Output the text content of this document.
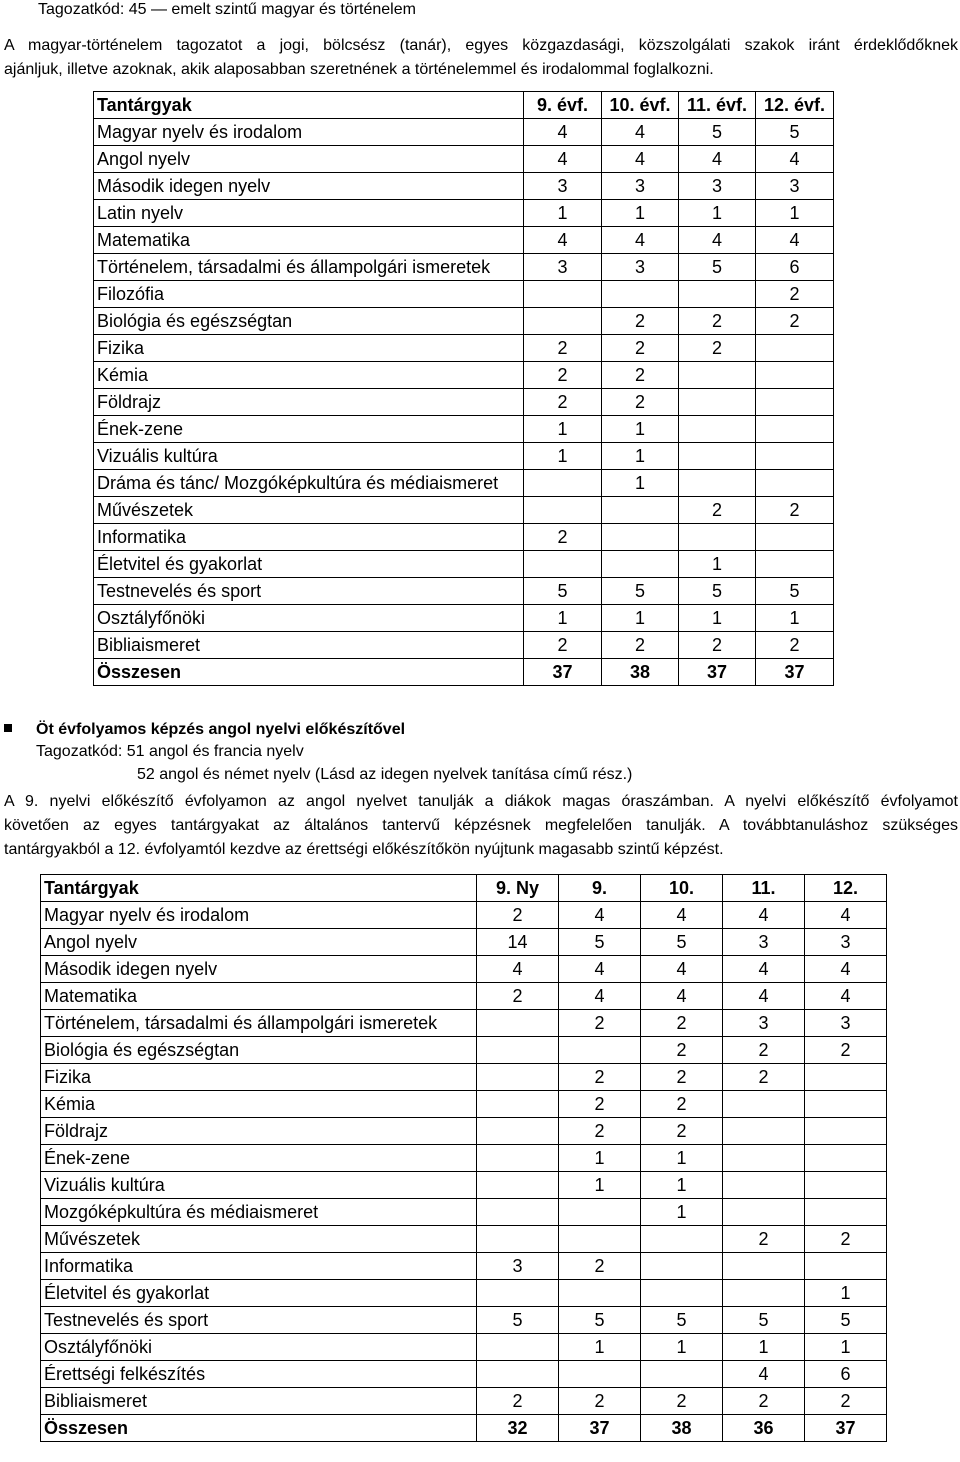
Tagozatkód: 45 — emelt szintű magyar és történelem
A magyar-történelem tagozatot a jogi, bölcsész (tanár), egyes közgazdasági, közszolgálati szakok iránt érdeklődőknek
ajánljuk, illetve azoknak, akik alaposabban szeretnének a történelemmel és irodalommal foglalkozni.
Tantárgyak	9. évf.	10. évf.	11. évf.	12. évf.
Magyar nyelv és irodalom	4	4	5	5
Angol nyelv	4	4	4	4
Második idegen nyelv	3	3	3	3
Latin nyelv	1	1	1	1
Matematika	4	4	4	4
Történelem, társadalmi és állampolgári ismeretek	3	3	5	6
Filozófia				2
Biológia és egészségtan		2	2	2
Fizika	2	2	2	
Kémia	2	2		
Földrajz	2	2		
Ének-zene	1	1		
Vizuális kultúra	1	1		
Dráma és tánc/ Mozgóképkultúra és médiaismeret		1		
Művészetek			2	2
Informatika	2			
Életvitel és gyakorlat			1	
Testnevelés és sport	5	5	5	5
Osztályfőnöki	1	1	1	1
Bibliaismeret	2	2	2	2
Összesen	37	38	37	37
Öt évfolyamos képzés angol nyelvi előkészítővel
Tagozatkód: 51 angol és francia nyelv
52 angol és német nyelv (Lásd az idegen nyelvek tanítása című rész.)
A 9. nyelvi előkészítő évfolyamon az angol nyelvet tanulják a diákok magas óraszámban. A nyelvi előkészítő évfolyamot
követően az egyes tantárgyakat az általános tantervű képzésnek megfelelően tanulják. A továbbtanuláshoz szükséges
tantárgyakból a 12. évfolyamtól kezdve az érettségi előkészítőkön nyújtunk magasabb szintű képzést.
Tantárgyak	9. Ny	9.	10.	11.	12.
Magyar nyelv és irodalom	2	4	4	4	4
Angol nyelv	14	5	5	3	3
Második idegen nyelv	4	4	4	4	4
Matematika	2	4	4	4	4
Történelem, társadalmi és állampolgári ismeretek		2	2	3	3
Biológia és egészségtan			2	2	2
Fizika		2	2	2	
Kémia		2	2		
Földrajz		2	2		
Ének-zene		1	1		
Vizuális kultúra		1	1		
Mozgóképkultúra és médiaismeret			1		
Művészetek				2	2
Informatika	3	2			
Életvitel és gyakorlat					1
Testnevelés és sport	5	5	5	5	5
Osztályfőnöki		1	1	1	1
Érettségi felkészítés				4	6
Bibliaismeret	2	2	2	2	2
Összesen	32	37	38	36	37
